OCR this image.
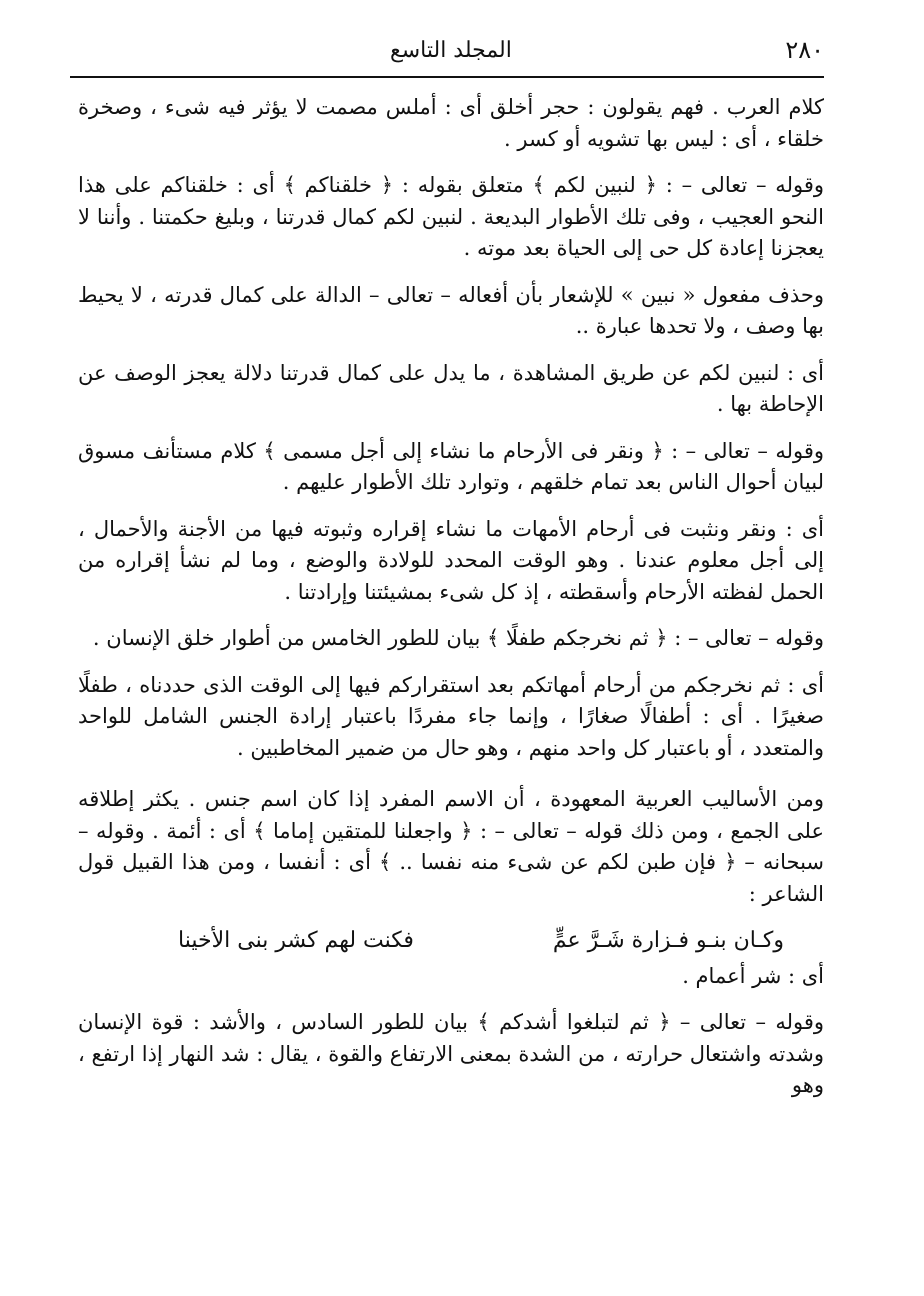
٢٨٠
المجلد التاسع

كلام العرب . فهم يقولون : حجر أخلق أى : أملس مصمت لا يؤثر فيه شىء ، وصخرة خلقاء ، أى : ليس بها تشويه أو كسر .

وقوله – تعالى – : ﴿ لنبين لكم ﴾ متعلق بقوله : ﴿ خلقناكم ﴾ أى : خلقناكم على هذا النحو العجيب ، وفى تلك الأطوار البديعة . لنبين لكم كمال قدرتنا ، وبليغ حكمتنا . وأننا لا يعجزنا إعادة كل حى إلى الحياة بعد موته .

وحذف مفعول « نبين » للإشعار بأن أفعاله – تعالى – الدالة على كمال قدرته ، لا يحيط بها وصف ، ولا تحدها عبارة ..

أى : لنبين لكم عن طريق المشاهدة ، ما يدل على كمال قدرتنا دلالة يعجز الوصف عن الإحاطة بها .

وقوله – تعالى – : ﴿ ونقر فى الأرحام ما نشاء إلى أجل مسمى ﴾ كلام مستأنف مسوق لبيان أحوال الناس بعد تمام خلقهم ، وتوارد تلك الأطوار عليهم .

أى : ونقر ونثبت فى أرحام الأمهات ما نشاء إقراره وثبوته فيها من الأجنة والأحمال ، إلى أجل معلوم عندنا . وهو الوقت المحدد للولادة والوضع ، وما لم نشأ إقراره من الحمل لفظته الأرحام وأسقطته ، إذ كل شىء بمشيئتنا وإرادتنا .

وقوله – تعالى – : ﴿ ثم نخرجكم طفلًا ﴾ بيان للطور الخامس من أطوار خلق الإنسان .

أى : ثم نخرجكم من أرحام أمهاتكم بعد استقراركم فيها إلى الوقت الذى حددناه ، طفلًا صغيرًا . أى : أطفالًا صغارًا ، وإنما جاء مفردًا باعتبار إرادة الجنس الشامل للواحد والمتعدد ، أو باعتبار كل واحد منهم ، وهو حال من ضمير المخاطبين .

ومن الأساليب العربية المعهودة ، أن الاسم المفرد إذا كان اسم جنس . يكثر إطلاقه على الجمع ، ومن ذلك قوله – تعالى – : ﴿ واجعلنا للمتقين إماما ﴾ أى : أئمة . وقوله – سبحانه – ﴿ فإن طبن لكم عن شىء منه نفسا .. ﴾ أى : أنفسا ، ومن هذا القبيل قول الشاعر :

وكـان بنـو فـزارة شَـرَّ عمٍّ
فكنت لهم كشر بنى الأخينا

أى : شر أعمام .

وقوله – تعالى – ﴿ ثم لتبلغوا أشدكم ﴾ بيان للطور السادس ، والأشد : قوة الإنسان وشدته واشتعال حرارته ، من الشدة بمعنى الارتفاع والقوة ، يقال : شد النهار إذا ارتفع ، وهو
